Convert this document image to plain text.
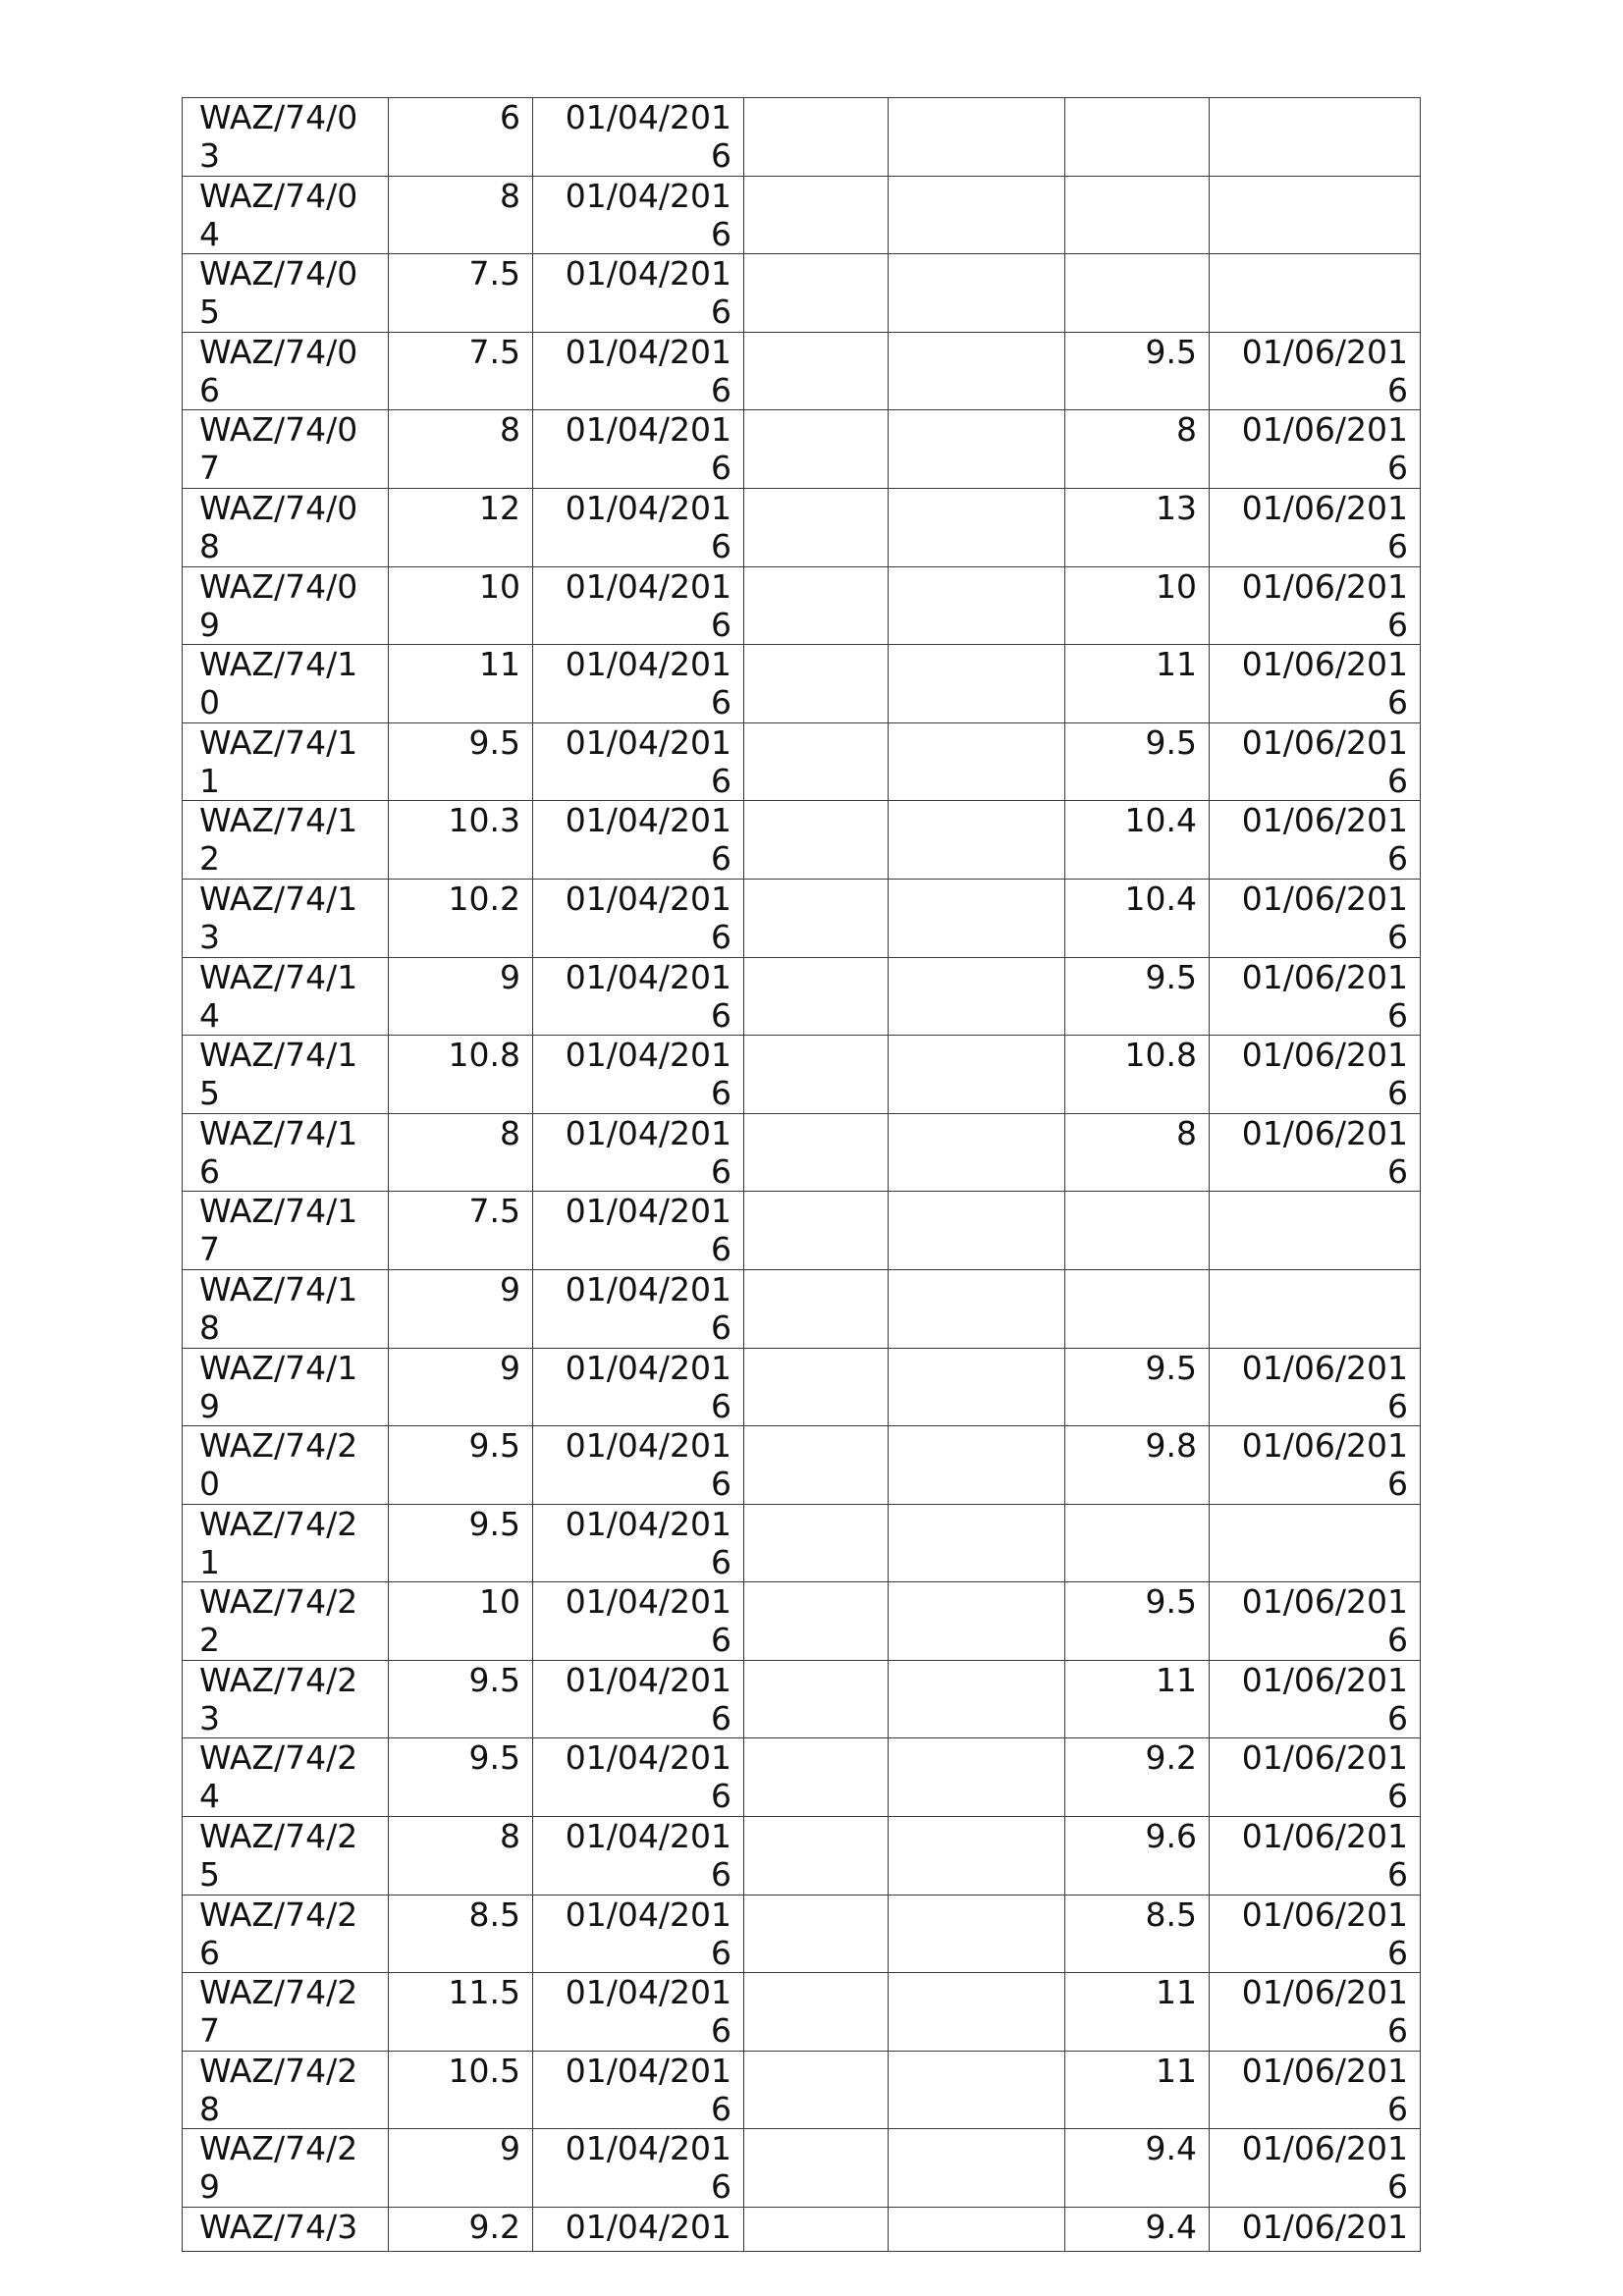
WAZ/74/03	6	01/04/2016				
WAZ/74/04	8	01/04/2016				
WAZ/74/05	7.5	01/04/2016				
WAZ/74/06	7.5	01/04/2016			9.5	01/06/2016
WAZ/74/07	8	01/04/2016			8	01/06/2016
WAZ/74/08	12	01/04/2016			13	01/06/2016
WAZ/74/09	10	01/04/2016			10	01/06/2016
WAZ/74/10	11	01/04/2016			11	01/06/2016
WAZ/74/11	9.5	01/04/2016			9.5	01/06/2016
WAZ/74/12	10.3	01/04/2016			10.4	01/06/2016
WAZ/74/13	10.2	01/04/2016			10.4	01/06/2016
WAZ/74/14	9	01/04/2016			9.5	01/06/2016
WAZ/74/15	10.8	01/04/2016			10.8	01/06/2016
WAZ/74/16	8	01/04/2016			8	01/06/2016
WAZ/74/17	7.5	01/04/2016				
WAZ/74/18	9	01/04/2016				
WAZ/74/19	9	01/04/2016			9.5	01/06/2016
WAZ/74/20	9.5	01/04/2016			9.8	01/06/2016
WAZ/74/21	9.5	01/04/2016				
WAZ/74/22	10	01/04/2016			9.5	01/06/2016
WAZ/74/23	9.5	01/04/2016			11	01/06/2016
WAZ/74/24	9.5	01/04/2016			9.2	01/06/2016
WAZ/74/25	8	01/04/2016			9.6	01/06/2016
WAZ/74/26	8.5	01/04/2016			8.5	01/06/2016
WAZ/74/27	11.5	01/04/2016			11	01/06/2016
WAZ/74/28	10.5	01/04/2016			11	01/06/2016
WAZ/74/29	9	01/04/2016			9.4	01/06/2016
WAZ/74/3	9.2	01/04/201			9.4	01/06/201
